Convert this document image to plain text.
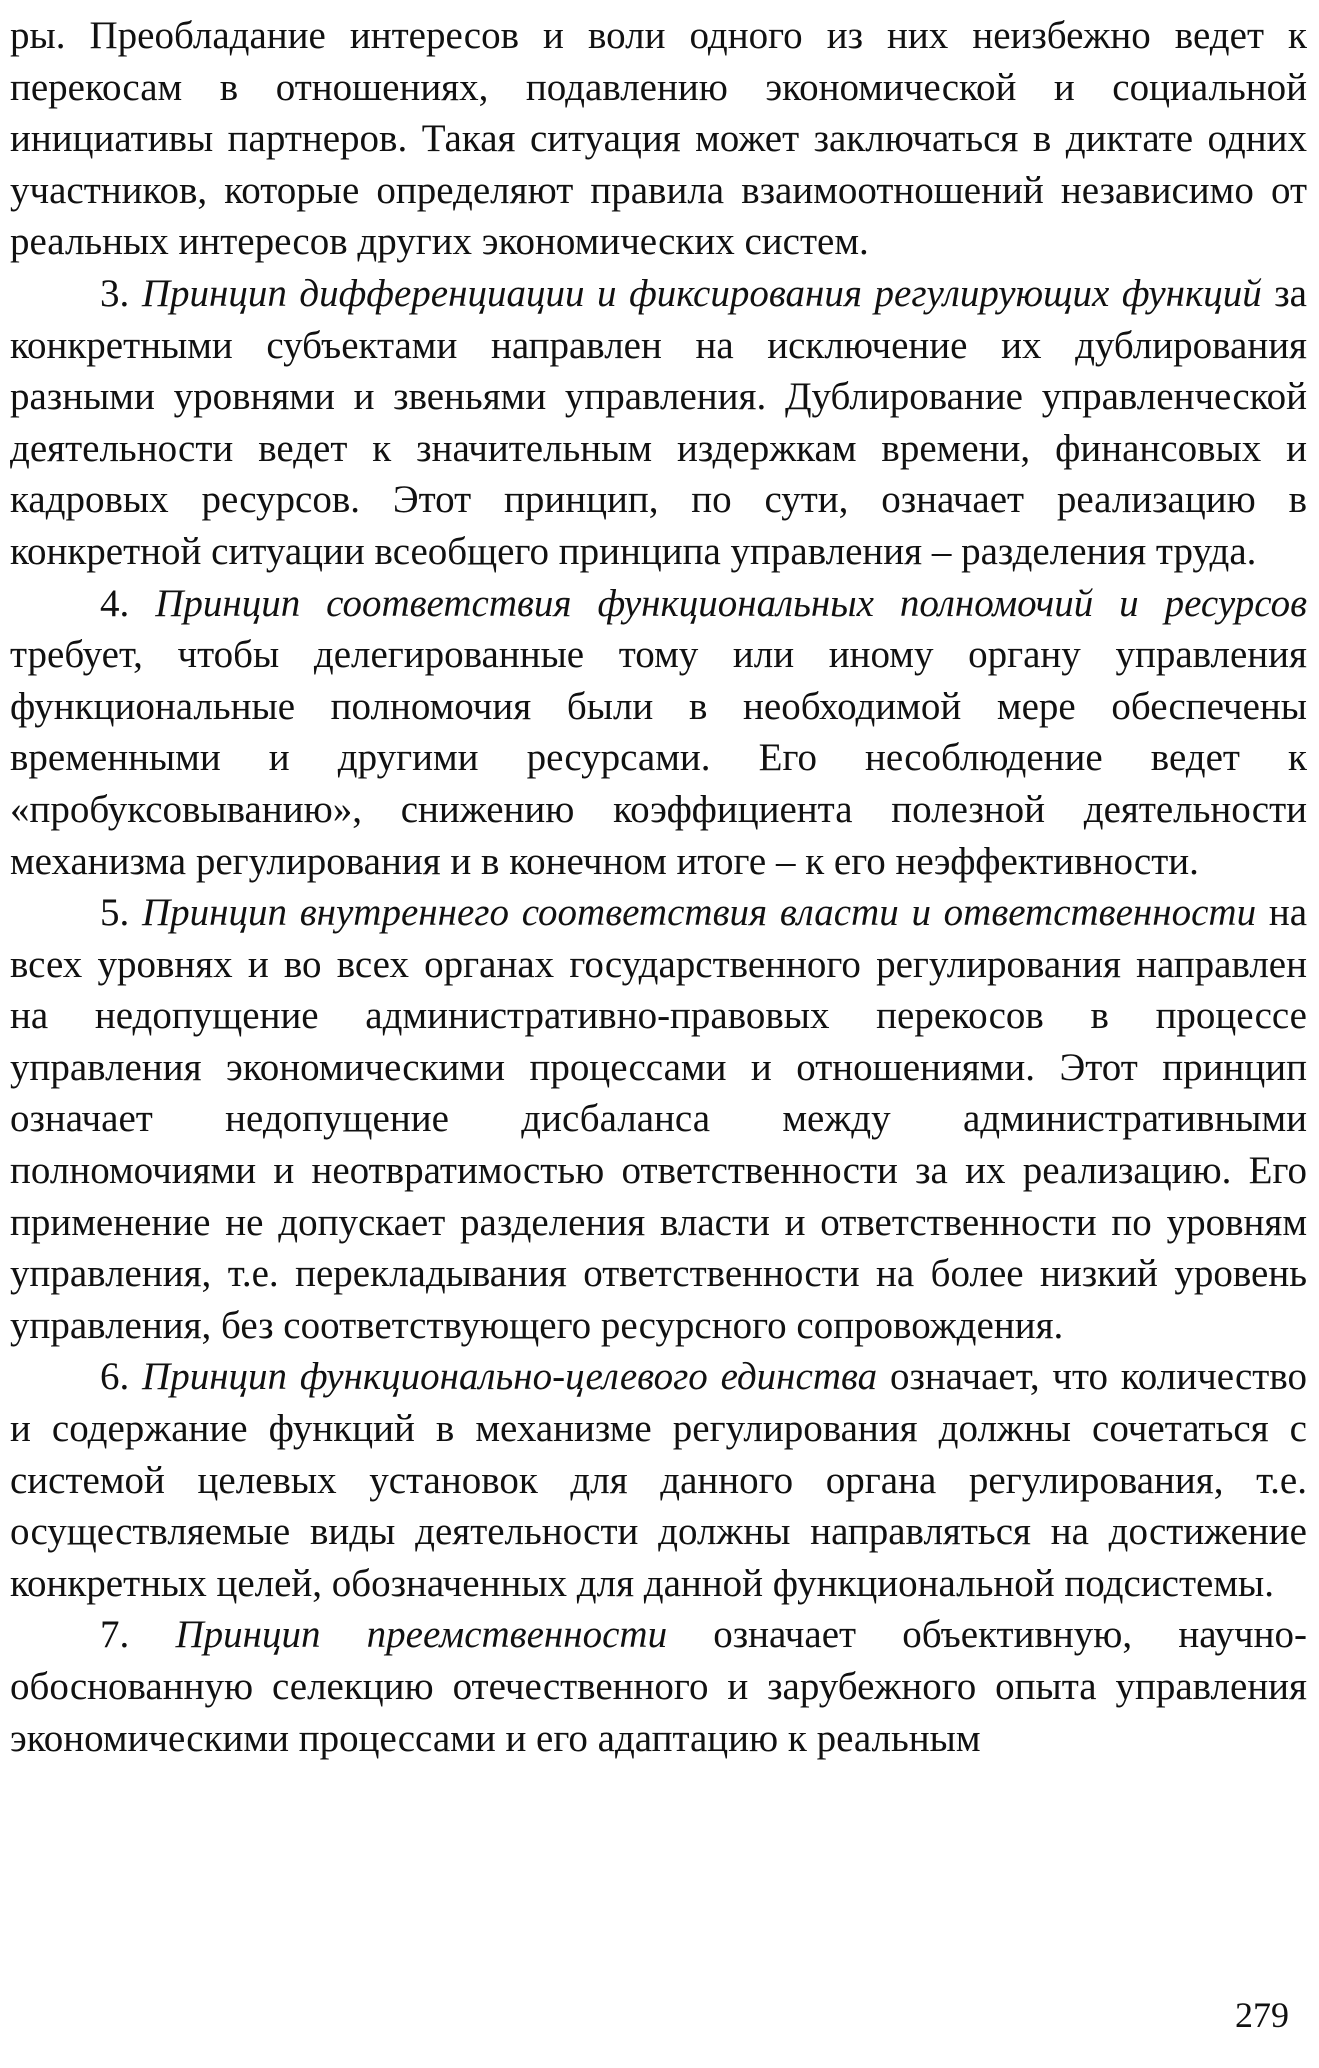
ры. Преобладание интересов и воли одного из них неизбежно ведет к перекосам в отношениях, подавлению экономической и социальной инициативы партнеров. Такая ситуация может заключаться в диктате одних участников, которые определяют правила взаимоотношений независимо от реальных интересов других экономических систем.

3. Принцип дифференциации и фиксирования регулирующих функций за конкретными субъектами направлен на исключение их дублирования разными уровнями и звеньями управления. Дублирование управленческой деятельности ведет к значительным издержкам времени, финансовых и кадровых ресурсов. Этот принцип, по сути, означает реализацию в конкретной ситуации всеобщего принципа управления – разделения труда.

4. Принцип соответствия функциональных полномочий и ресурсов требует, чтобы делегированные тому или иному органу управления функциональные полномочия были в необходимой мере обеспечены временными и другими ресурсами. Его несоблюдение ведет к «пробуксовыванию», снижению коэффициента полезной деятельности механизма регулирования и в конечном итоге – к его неэффективности.

5. Принцип внутреннего соответствия власти и ответственности на всех уровнях и во всех органах государственного регулирования направлен на недопущение административно-правовых перекосов в процессе управления экономическими процессами и отношениями. Этот принцип означает недопущение дисбаланса между административными полномочиями и неотвратимостью ответственности за их реализацию. Его применение не допускает разделения власти и ответственности по уровням управления, т.е. перекладывания ответственности на более низкий уровень управления, без соответствующего ресурсного сопровождения.

6. Принцип функционально-целевого единства означает, что количество и содержание функций в механизме регулирования должны сочетаться с системой целевых установок для данного органа регулирования, т.е. осуществляемые виды деятельности должны направляться на достижение конкретных целей, обозначенных для данной функциональной подсистемы.

7. Принцип преемственности означает объективную, научно-обоснованную селекцию отечественного и зарубежного опыта управления экономическими процессами и его адаптацию к реальным

279
